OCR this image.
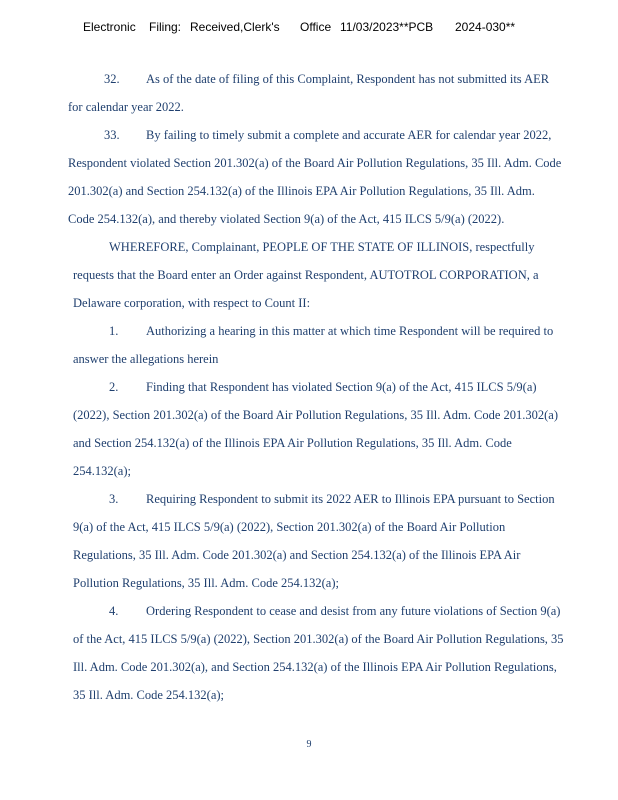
Electronic Filing: Received,Clerk's Office 11/03/2023**PCB 2024-030**
32. As of the date of filing of this Complaint, Respondent has not submitted its AER
for calendar year 2022.
33. By failing to timely submit a complete and accurate AER for calendar year 2022,
Respondent violated Section 201.302(a) of the Board Air Pollution Regulations, 35 Ill. Adm. Code
201.302(a) and Section 254.132(a) of the Illinois EPA Air Pollution Regulations, 35 Ill. Adm.
Code 254.132(a), and thereby violated Section 9(a) of the Act, 415 ILCS 5/9(a) (2022).
WHEREFORE, Complainant, PEOPLE OF THE STATE OF ILLINOIS, respectfully
requests that the Board enter an Order against Respondent, AUTOTROL CORPORATION, a
Delaware corporation, with respect to Count II:
1. Authorizing a hearing in this matter at which time Respondent will be required to
answer the allegations herein
2. Finding that Respondent has violated Section 9(a) of the Act, 415 ILCS 5/9(a)
(2022), Section 201.302(a) of the Board Air Pollution Regulations, 35 Ill. Adm. Code 201.302(a)
and Section 254.132(a) of the Illinois EPA Air Pollution Regulations, 35 Ill. Adm. Code
254.132(a);
3. Requiring Respondent to submit its 2022 AER to Illinois EPA pursuant to Section
9(a) of the Act, 415 ILCS 5/9(a) (2022), Section 201.302(a) of the Board Air Pollution
Regulations, 35 Ill. Adm. Code 201.302(a) and Section 254.132(a) of the Illinois EPA Air
Pollution Regulations, 35 Ill. Adm. Code 254.132(a);
4. Ordering Respondent to cease and desist from any future violations of Section 9(a)
of the Act, 415 ILCS 5/9(a) (2022), Section 201.302(a) of the Board Air Pollution Regulations, 35
Ill. Adm. Code 201.302(a), and Section 254.132(a) of the Illinois EPA Air Pollution Regulations,
35 Ill. Adm. Code 254.132(a);
9
